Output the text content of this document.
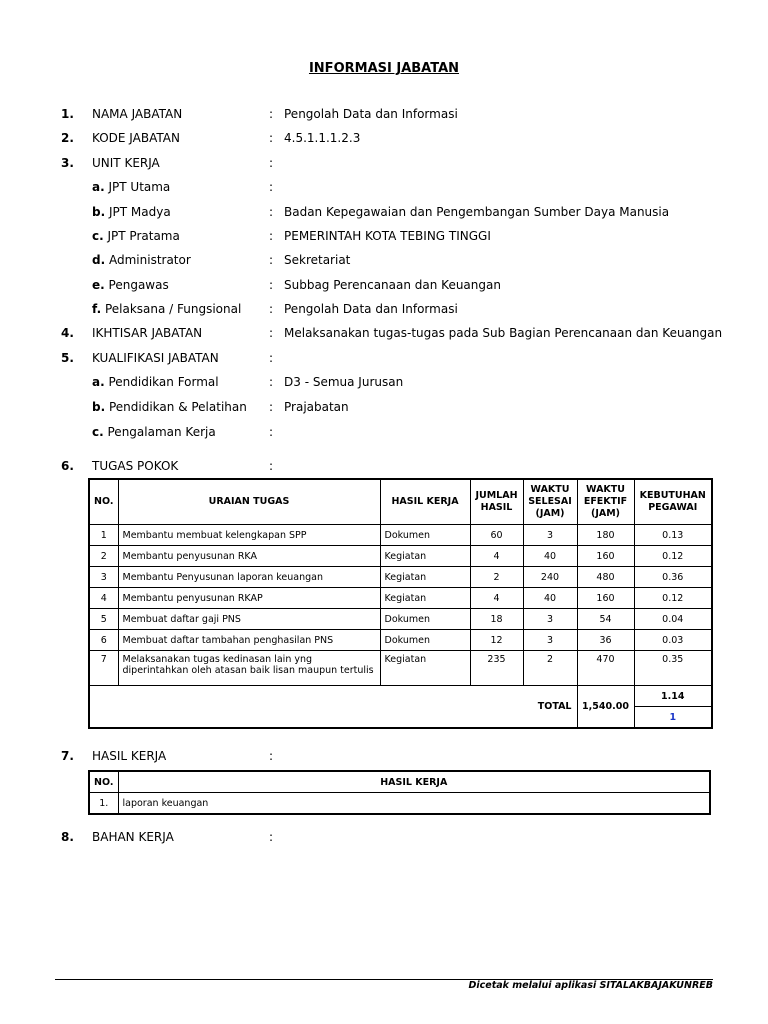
INFORMASI JABATAN
1. NAMA JABATAN	: Pengolah Data dan Informasi
2. KODE JABATAN	: 4.5.1.1.1.2.3
3. UNIT KERJA	:
a. JPT Utama	:
b. JPT Madya	: Badan Kepegawaian dan Pengembangan Sumber Daya Manusia
c. JPT Pratama	: PEMERINTAH KOTA TEBING TINGGI
d. Administrator	: Sekretariat
e. Pengawas	: Subbag Perencanaan dan Keuangan
f. Pelaksana / Fungsional : Pengolah Data dan Informasi
4. IKHTISAR JABATAN	: Melaksanakan tugas-tugas pada Sub Bagian Perencanaan dan Keuangan
5. KUALIFIKASI JABATAN	:
a. Pendidikan Formal	: D3 - Semua Jurusan
b. Pendidikan & Pelatihan : Prajabatan
c. Pengalaman Kerja	:
6. TUGAS POKOK	:
NO.	URAIAN TUGAS	HASIL KERJA	JUMLAH HASIL	WAKTU SELESAI (JAM)	WAKTU EFEKTIF (JAM)	KEBUTUHAN PEGAWAI
1	Membantu membuat kelengkapan SPP	Dokumen	60	3	180	0.13
2	Membantu penyusunan RKA	Kegiatan	4	40	160	0.12
3	Membantu Penyusunan laporan keuangan	Kegiatan	2	240	480	0.36
4	Membantu penyusunan RKAP	Kegiatan	4	40	160	0.12
5	Membuat daftar gaji PNS	Dokumen	18	3	54	0.04
6	Membuat daftar tambahan penghasilan PNS	Dokumen	12	3	36	0.03
7	Melaksanakan tugas kedinasan lain yng diperintahkan oleh atasan baik lisan maupun tertulis	Kegiatan	235	2	470	0.35
TOTAL					1,540.00	1.14
						1
7. HASIL KERJA	:
NO.	HASIL KERJA
1.	laporan keuangan
8. BAHAN KERJA	:
Dicetak melalui aplikasi SITALAKBAJAKUNREB
